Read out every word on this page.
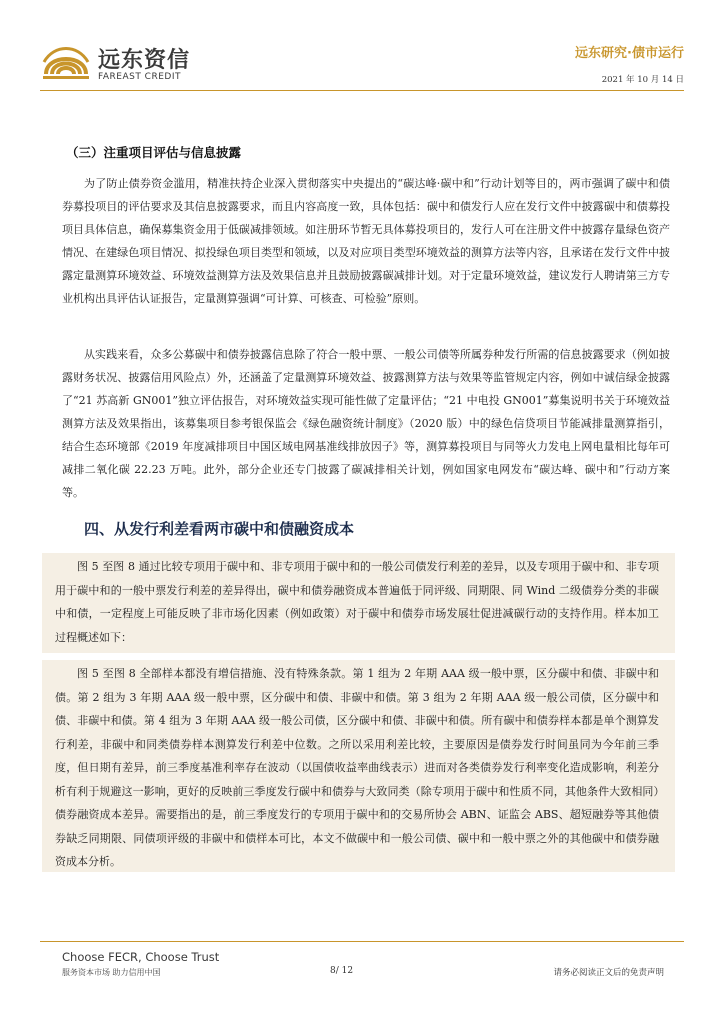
远东资信
FAREAST CREDIT
远东研究·债市运行
2021 年 10 月 14 日
（三）注重项目评估与信息披露
为了防止债券资金滥用，精准扶持企业深入贯彻落实中央提出的“碳达峰·碳中和”行动计划等目的，两市强调了碳中和债券募投项目的评估要求及其信息披露要求，而且内容高度一致，具体包括：碳中和债发行人应在发行文件中披露碳中和债募投项目具体信息，确保募集资金用于低碳减排领域。如注册环节暂无具体募投项目的，发行人可在注册文件中披露存量绿色资产情况、在建绿色项目情况、拟投绿色项目类型和领域，以及对应项目类型环境效益的测算方法等内容，且承诺在发行文件中披露定量测算环境效益、环境效益测算方法及效果信息并且鼓励披露碳减排计划。对于定量环境效益，建议发行人聘请第三方专业机构出具评估认证报告，定量测算强调“可计算、可核查、可检验”原则。
从实践来看，众多公募碳中和债券披露信息除了符合一般中票、一般公司债等所属券种发行所需的信息披露要求（例如披露财务状况、披露信用风险点）外，还涵盖了定量测算环境效益、披露测算方法与效果等监管规定内容，例如中诚信绿金披露了“21 苏高新 GN001”独立评估报告，对环境效益实现可能性做了定量评估；“21 中电投 GN001”募集说明书关于环境效益测算方法及效果指出，该募集项目参考银保监会《绿色融资统计制度》（2020 版）中的绿色信贷项目节能减排量测算指引，结合生态环境部《2019 年度减排项目中国区域电网基准线排放因子》等，测算募投项目与同等火力发电上网电量相比每年可减排二氧化碳 22.23 万吨。此外，部分企业还专门披露了碳减排相关计划，例如国家电网发布“碳达峰、碳中和”行动方案等。
四、从发行利差看两市碳中和债融资成本
图 5 至图 8 通过比较专项用于碳中和、非专项用于碳中和的一般公司债发行利差的差异，以及专项用于碳中和、非专项用于碳中和的一般中票发行利差的差异得出，碳中和债券融资成本普遍低于同评级、同期限、同 Wind 二级债券分类的非碳中和债，一定程度上可能反映了非市场化因素（例如政策）对于碳中和债券市场发展壮促进减碳行动的支持作用。样本加工过程概述如下：
图 5 至图 8 全部样本都没有增信措施、没有特殊条款。第 1 组为 2 年期 AAA 级一般中票，区分碳中和债、非碳中和债。第 2 组为 3 年期 AAA 级一般中票，区分碳中和债、非碳中和债。第 3 组为 2 年期 AAA 级一般公司债，区分碳中和债、非碳中和债。第 4 组为 3 年期 AAA 级一般公司债，区分碳中和债、非碳中和债。所有碳中和债券样本都是单个测算发行利差，非碳中和同类债券样本测算发行利差中位数。之所以采用利差比较，主要原因是债券发行时间虽同为今年前三季度，但日期有差异，前三季度基准利率存在波动（以国债收益率曲线表示）进而对各类债券发行利率变化造成影响，利差分析有利于规避这一影响，更好的反映前三季度发行碳中和债券与大致同类（除专项用于碳中和性质不同，其他条件大致相同）债券融资成本差异。需要指出的是，前三季度发行的专项用于碳中和的交易所协会 ABN、证监会 ABS、超短融券等其他债券缺乏同期限、同债项评级的非碳中和债样本可比，本文不做碳中和一般公司债、碳中和一般中票之外的其他碳中和债券融资成本分析。
Choose FECR, Choose Trust
服务资本市场 助力信用中国	8/ 12	请务必阅读正文后的免责声明
